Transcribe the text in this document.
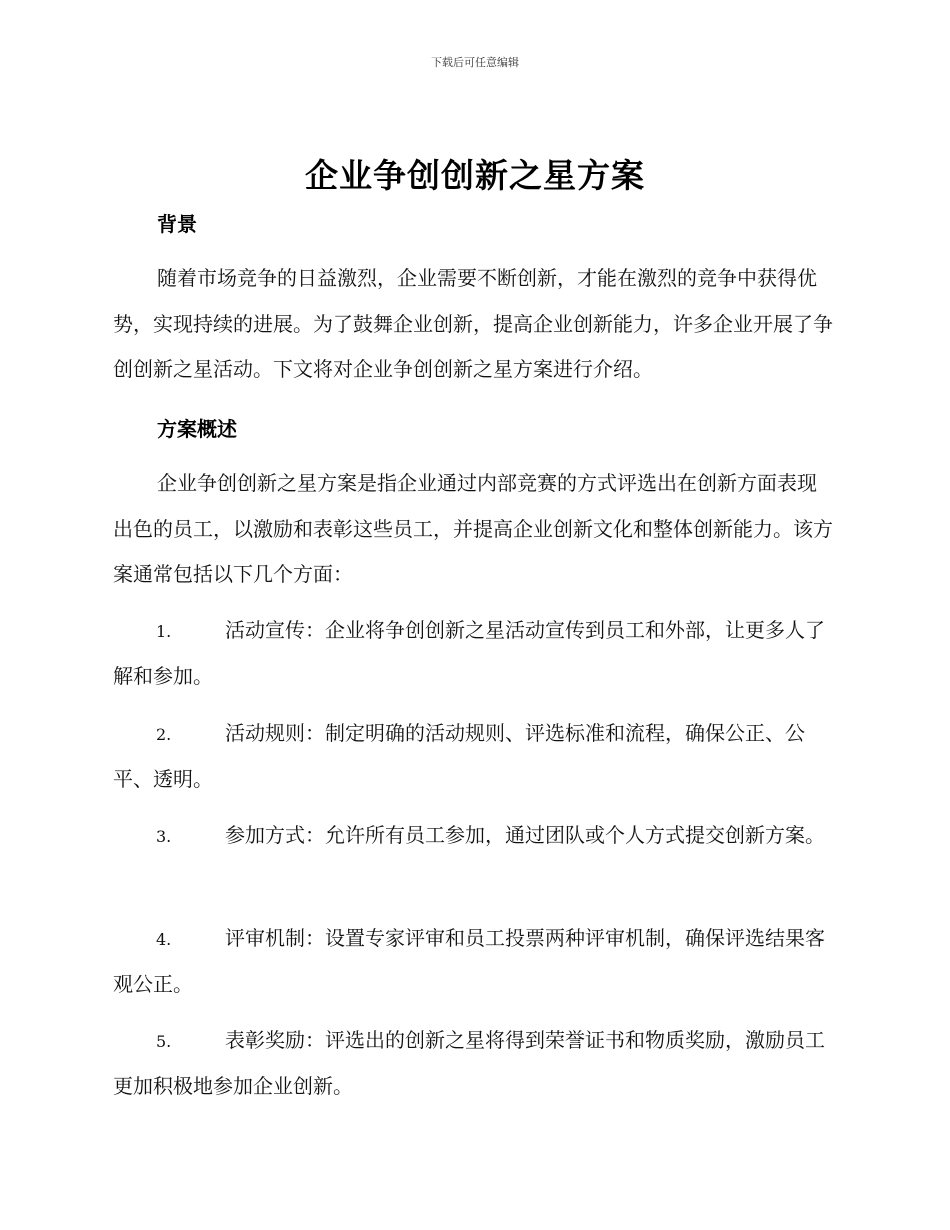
下载后可任意编辑
企业争创创新之星方案
背景
随着市场竞争的日益激烈，企业需要不断创新，才能在激烈的竞争中获得优势，实现持续的进展。为了鼓舞企业创新，提高企业创新能力，许多企业开展了争创创新之星活动。下文将对企业争创创新之星方案进行介绍。
方案概述
企业争创创新之星方案是指企业通过内部竞赛的方式评选出在创新方面表现出色的员工，以激励和表彰这些员工，并提高企业创新文化和整体创新能力。该方案通常包括以下几个方面：
1.	活动宣传：企业将争创创新之星活动宣传到员工和外部，让更多人了解和参加。
2.	活动规则：制定明确的活动规则、评选标准和流程，确保公正、公平、透明。
3.	参加方式：允许所有员工参加，通过团队或个人方式提交创新方案。
4.	评审机制：设置专家评审和员工投票两种评审机制，确保评选结果客观公正。
5.	表彰奖励：评选出的创新之星将得到荣誉证书和物质奖励，激励员工更加积极地参加企业创新。
